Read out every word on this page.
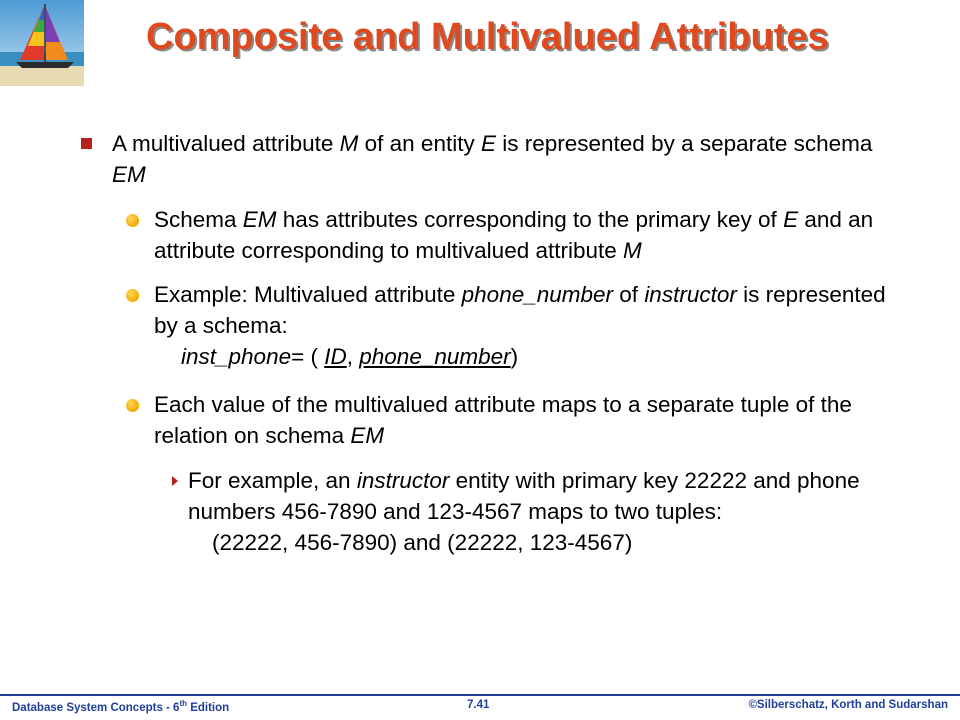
Composite and Multivalued Attributes
A multivalued attribute M of an entity E is represented by a separate schema EM
Schema EM has attributes corresponding to the primary key of E and an attribute corresponding to multivalued attribute M
Example: Multivalued attribute phone_number of instructor is represented by a schema:
inst_phone= ( ID, phone_number)
Each value of the multivalued attribute maps to a separate tuple of the relation on schema EM
For example, an instructor entity with primary key 22222 and phone numbers 456-7890 and 123-4567 maps to two tuples:
(22222, 456-7890) and (22222, 123-4567)
Database System Concepts - 6th Edition	7.41	©Silberschatz, Korth and Sudarshan
